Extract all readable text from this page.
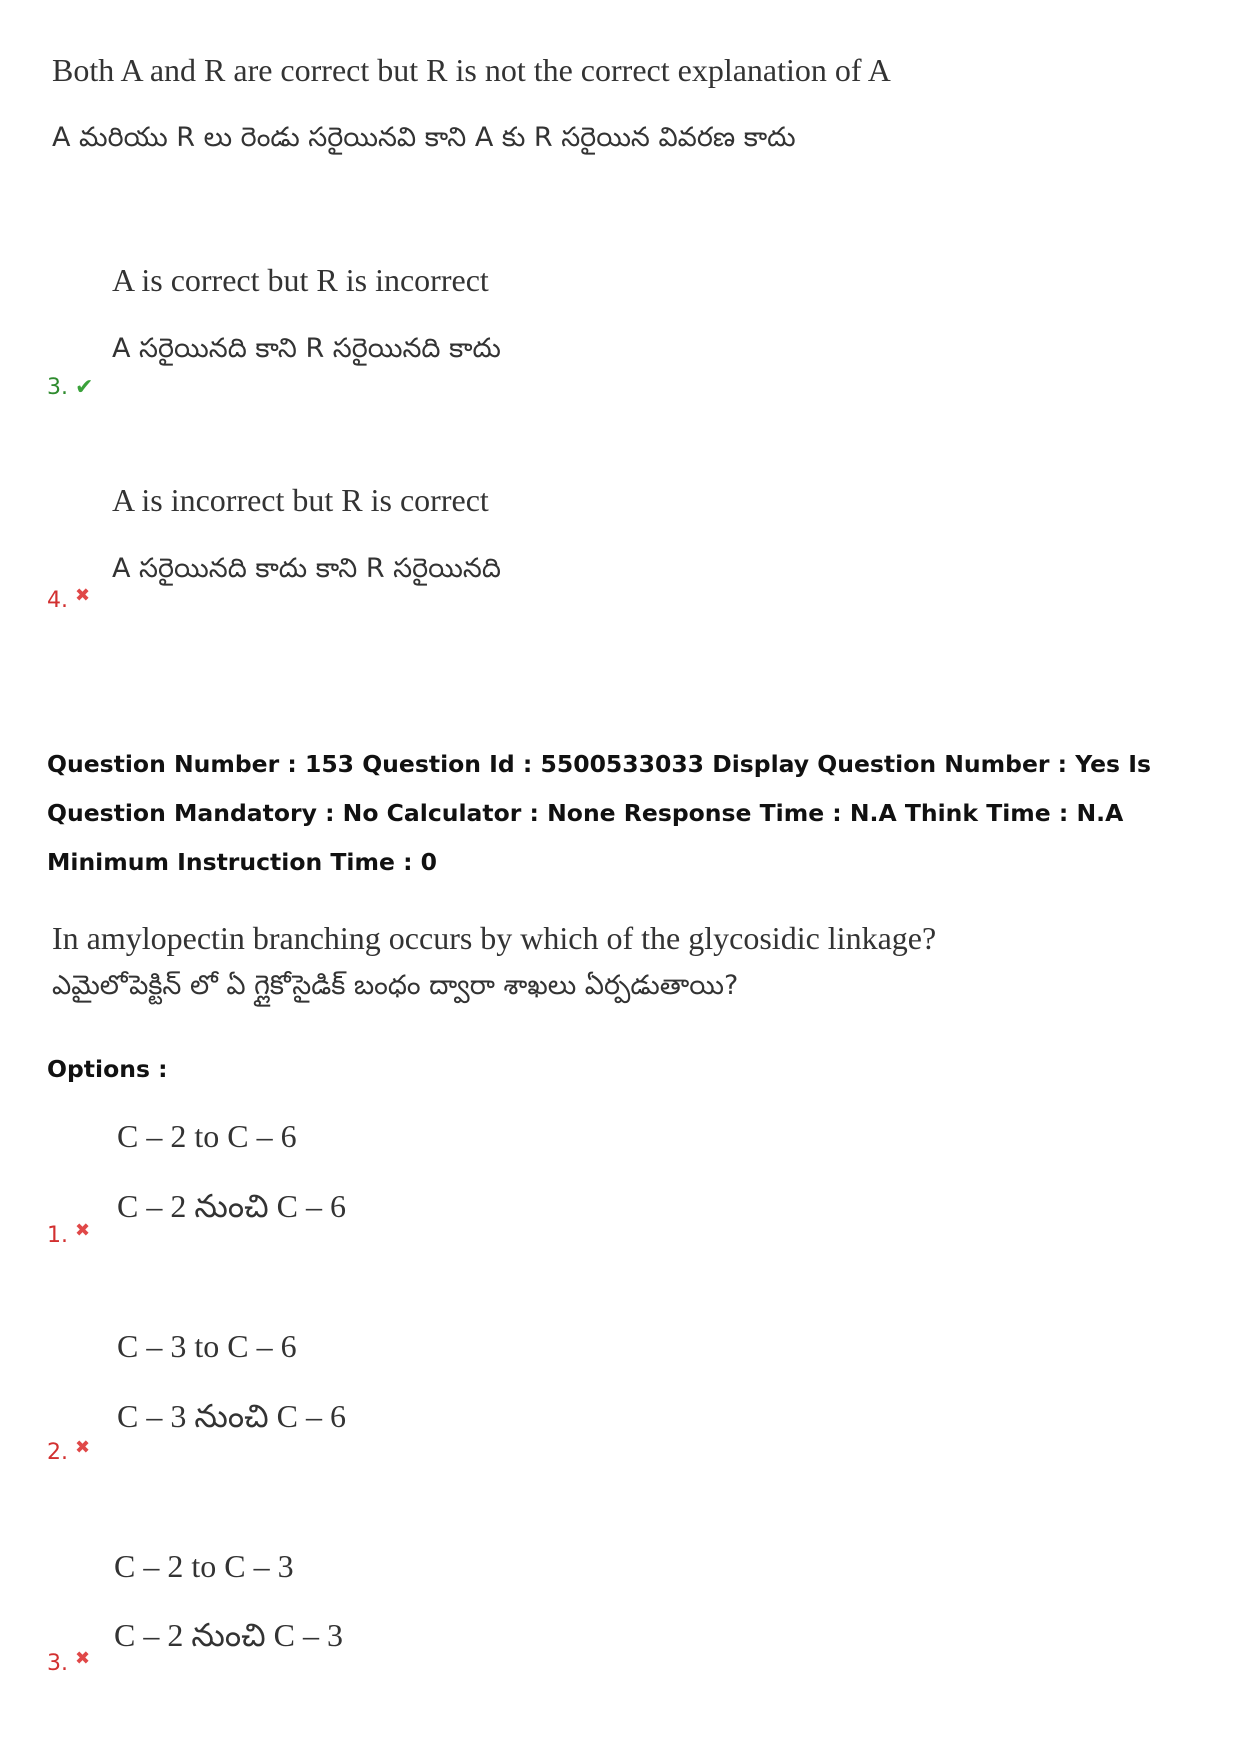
Both A and R are correct but R is not the correct explanation of A
A మరియు R లు రెండు సరైయినవి కాని A కు R సరైయిన వివరణ కాదు
A is correct but R is incorrect
A సరైయినది కాని R సరైయినది కాదు
3. ✔
A is incorrect but R is correct
A సరైయినది కాదు కాని R సరైయినది
4. ✖
Question Number : 153 Question Id : 5500533033 Display Question Number : Yes Is Question Mandatory : No Calculator : None Response Time : N.A Think Time : N.A Minimum Instruction Time : 0
In amylopectin branching occurs by which of the glycosidic linkage?
ఎమైలోపెక్టిన్ లో ఏ గ్లైకోసైడిక్ బంధం ద్వారా శాఖలు ఏర్పడుతాయి?
Options :
C – 2 to C – 6
C – 2 నుంచి C – 6
1. ✖
C – 3 to C – 6
C – 3 నుంచి C – 6
2. ✖
C – 2 to C – 3
C – 2 నుంచి C – 3
3. ✖
